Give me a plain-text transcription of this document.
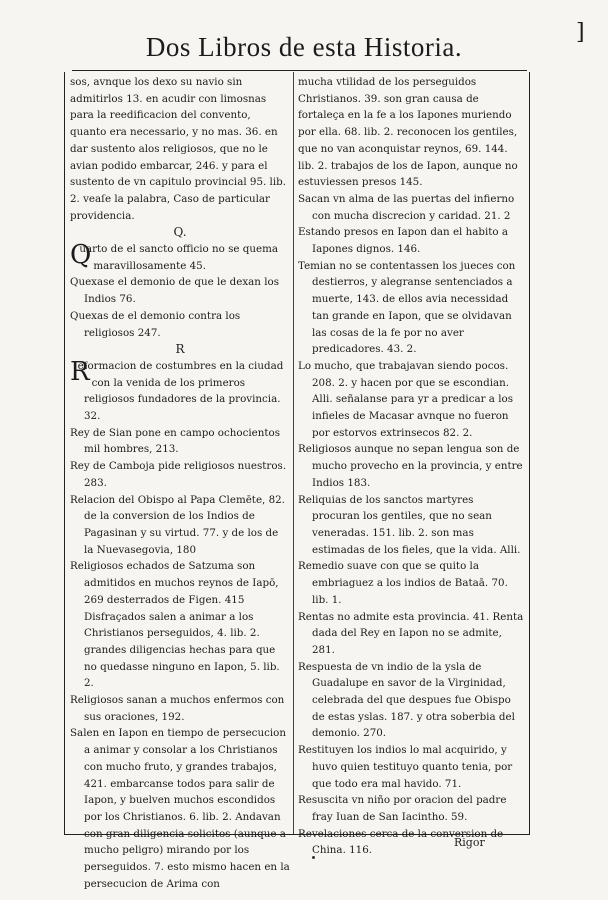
]
Dos Libros de esta Historia.

sos, avnque los dexo su navio sin admitirlos 13. en acudir con limosnas para la reedificacion del convento, quanto era necessario, y no mas. 36. en dar sustento alos religiosos, que no le avian podido embarcar, 246. y para el sustento de vn capitulo provincial 95. lib. 2. veaſe la palabra, Caso de particular providencia.

Q.

Q
uarto de el sancto officio no se quema maravillosamente 45.

Quexase el demonio de que le dexan los Indios 76.

Quexas de el demonio contra los religiosos 247.

R

R
eformacion de costumbres en la ciudad con la venida de los primeros religiosos fundadores de la provincia. 32.

Rey de Sian pone en campo ochocientos mil hombres, 213.

Rey de Camboja pide religiosos nuestros. 283.

Relacion del Obispo al Papa Clemēte, 82. de la conversion de los Indios de Pagasinan y su virtud. 77. y de los de la Nuevasegovia, 180

Religiosos echados de Satzuma son admitidos en muchos reynos de Iapō, 269 desterrados de Figen. 415 Disfraçados salen a animar a los Christianos perseguidos, 4. lib. 2. grandes diligencias hechas para que no quedasse ninguno en Iapon, 5. lib. 2.

Religiosos sanan a muchos enfermos con sus oraciones, 192.

Salen en Iapon en tiempo de persecucion a animar y consolar a los Christianos con mucho fruto, y grandes trabajos, 421. embarcanse todos para salir de Iapon, y buelven muchos escondidos por los Christianos. 6. lib. 2. Andavan con gran diligencia solicitos (aunque a mucho peligro) mirando por los perseguidos. 7. esto mismo hacen en la persecucion de Arima con

mucha vtilidad de los perseguidos Christianos. 39. son gran causa de fortaleça en la fe a los Iapones muriendo por ella. 68. lib. 2. reconocen los gentiles, que no van aconquistar reynos, 69. 144. lib. 2. trabajos de los de Iapon, aunque no estuviessen presos 145.

Sacan vn alma de las puertas del infierno con mucha discrecion y caridad. 21. 2

Estando presos en Iapon dan el habito a Iapones dignos. 146.

Temian no se contentassen los jueces con destierros, y alegranse sentenciados a muerte, 143. de ellos avia necessidad tan grande en Iapon, que se olvidavan las cosas de la fe por no aver predicadores. 43. 2.

Lo mucho, que trabajavan siendo pocos. 208. 2. y hacen por que se escondian. Alli. señalanse para yr a predicar a los infieles de Macasar avnque no fueron por estorvos extrinsecos 82. 2.

Religiosos aunque no sepan lengua son de mucho provecho en la provincia, y entre Indios 183.

Reliquias de los sanctos martyres procuran los gentiles, que no sean veneradas. 151. lib. 2. son mas estimadas de los fieles, que la vida. Alli.

Remedio suave con que se quito la embriaguez a los indios de Bataā. 70. lib. 1.

Rentas no admite esta provincia. 41. Renta dada del Rey en Iapon no se admite, 281.

Respuesta de vn indio de la ysla de Guadalupe en savor de la Virginidad, celebrada del que despues fue Obispo de estas yslas. 187. y otra soberbia del demonio. 270.

Restituyen los indios lo mal acquirido, y huvo quien testituyo quanto tenia, por que todo era mal havido. 71.

Resuscita vn niño por oracion del padre fray Iuan de San Iacintho. 59.

Revelaciones cerca de la conversion de China. 116.

Rigor
